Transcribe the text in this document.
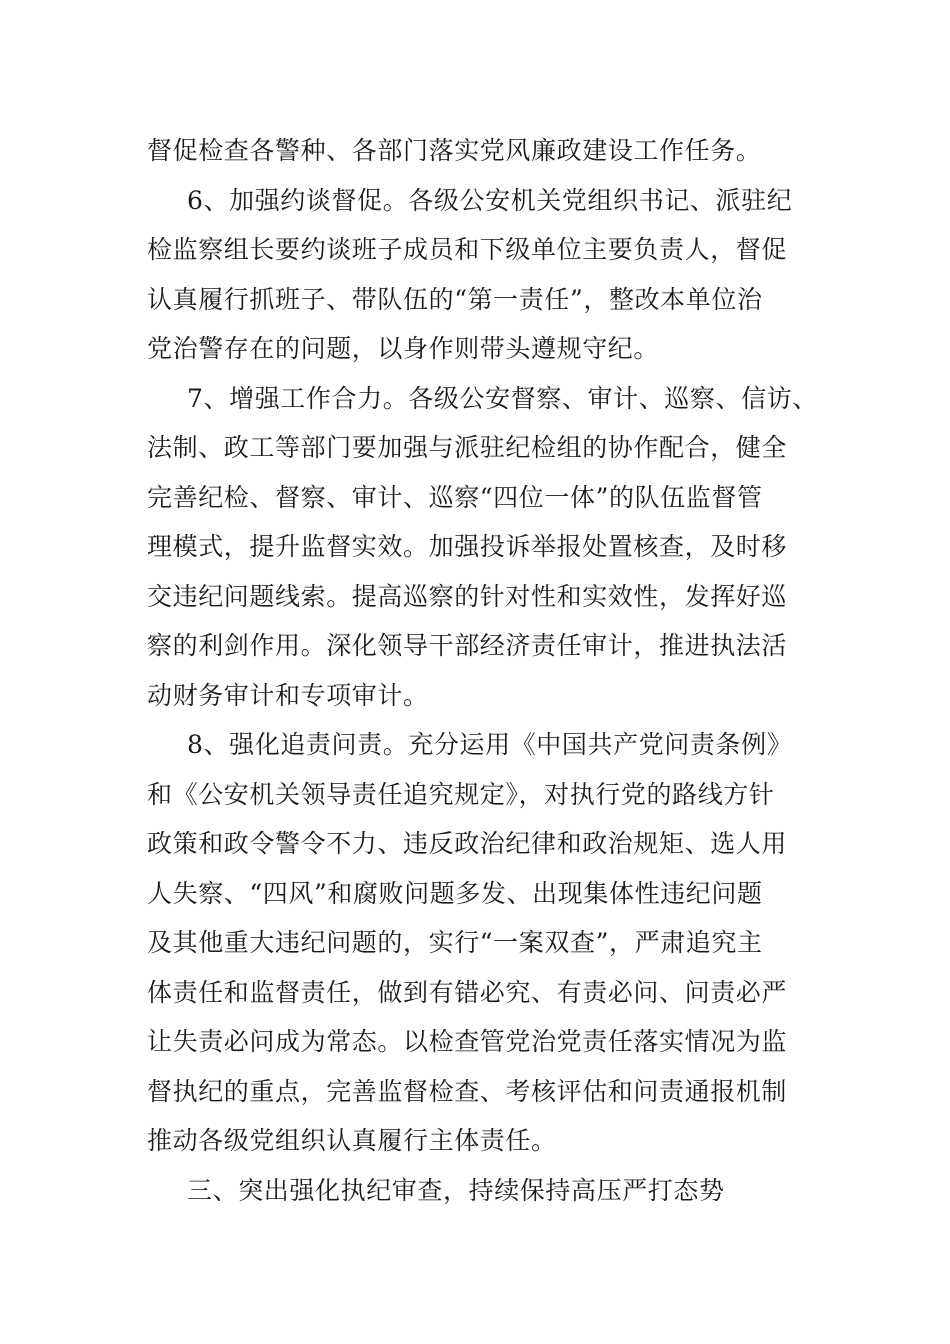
督促检查各警种、各部门落实党风廉政建设工作任务。
6、加强约谈督促。各级公安机关党组织书记、派驻纪
检监察组长要约谈班子成员和下级单位主要负责人，督促
认真履行抓班子、带队伍的“第一责任”，整改本单位治
党治警存在的问题，以身作则带头遵规守纪。
7、增强工作合力。各级公安督察、审计、巡察、信访、
法制、政工等部门要加强与派驻纪检组的协作配合，健全
完善纪检、督察、审计、巡察“四位一体”的队伍监督管
理模式，提升监督实效。加强投诉举报处置核查，及时移
交违纪问题线索。提高巡察的针对性和实效性，发挥好巡
察的利剑作用。深化领导干部经济责任审计，推进执法活
动财务审计和专项审计。
8、强化追责问责。充分运用《中国共产党问责条例》
和《公安机关领导责任追究规定》，对执行党的路线方针
政策和政令警令不力、违反政治纪律和政治规矩、选人用
人失察、“四风”和腐败问题多发、出现集体性违纪问题
及其他重大违纪问题的，实行“一案双查”，严肃追究主
体责任和监督责任，做到有错必究、有责必问、问责必严
让失责必问成为常态。以检查管党治党责任落实情况为监
督执纪的重点，完善监督检查、考核评估和问责通报机制
推动各级党组织认真履行主体责任。
三、突出强化执纪审查，持续保持高压严打态势
